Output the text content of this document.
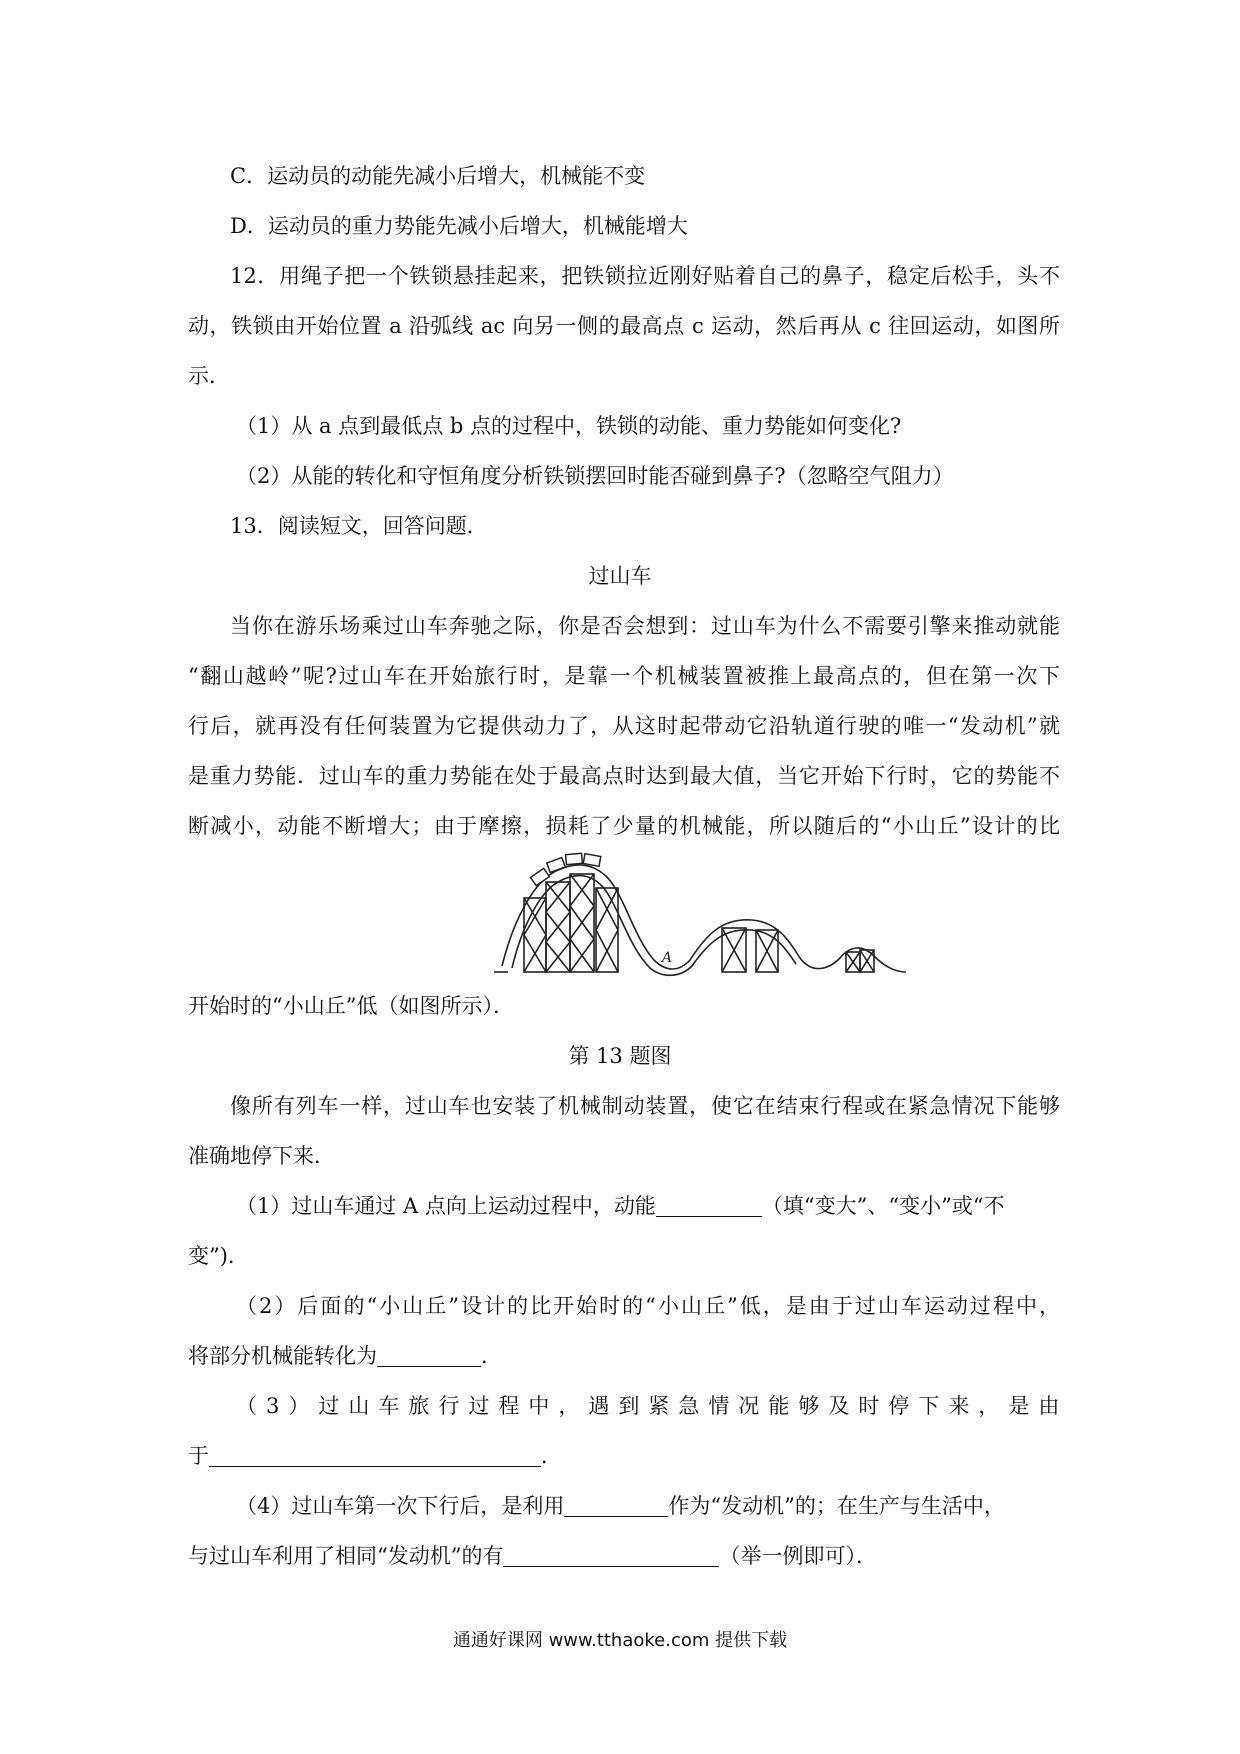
C．运动员的动能先减小后增大，机械能不变
D．运动员的重力势能先减小后增大，机械能增大
12．用绳子把一个铁锁悬挂起来，把铁锁拉近刚好贴着自己的鼻子，稳定后松手，头不
动，铁锁由开始位置 a 沿弧线 ac 向另一侧的最高点 c 运动，然后再从 c 往回运动，如图所
示．
（1）从 a 点到最低点 b 点的过程中，铁锁的动能、重力势能如何变化?
（2）从能的转化和守恒角度分析铁锁摆回时能否碰到鼻子?（忽略空气阻力）
13．阅读短文，回答问题．
过山车
当你在游乐场乘过山车奔驰之际，你是否会想到：过山车为什么不需要引擎来推动就能
“翻山越岭”呢?过山车在开始旅行时，是靠一个机械装置被推上最高点的，但在第一次下
行后，就再没有任何装置为它提供动力了，从这时起带动它沿轨道行驶的唯一“发动机”就
是重力势能．过山车的重力势能在处于最高点时达到最大值，当它开始下行时，它的势能不
断减小，动能不断增大；由于摩擦，损耗了少量的机械能，所以随后的“小山丘”设计的比
A
开始时的“小山丘”低（如图所示）．
第 13 题图
像所有列车一样，过山车也安装了机械制动装置，使它在结束行程或在紧急情况下能够
准确地停下来．
（1）过山车通过 A 点向上运动过程中，动能	（填“变大”、“变小”或“不
变”)．
（2）后面的“小山丘”设计的比开始时的“小山丘”低，是由于过山车运动过程中，
将部分机械能转化为	．
（3）过山车旅行过程中，遇到紧急情况能够及时停下来，是由
于	．
（4）过山车第一次下行后，是利用	作为“发动机”的；在生产与生活中，
与过山车利用了相同“发动机”的有	（举一例即可）．
通通好课网 www.tthaoke.com 提供下载
